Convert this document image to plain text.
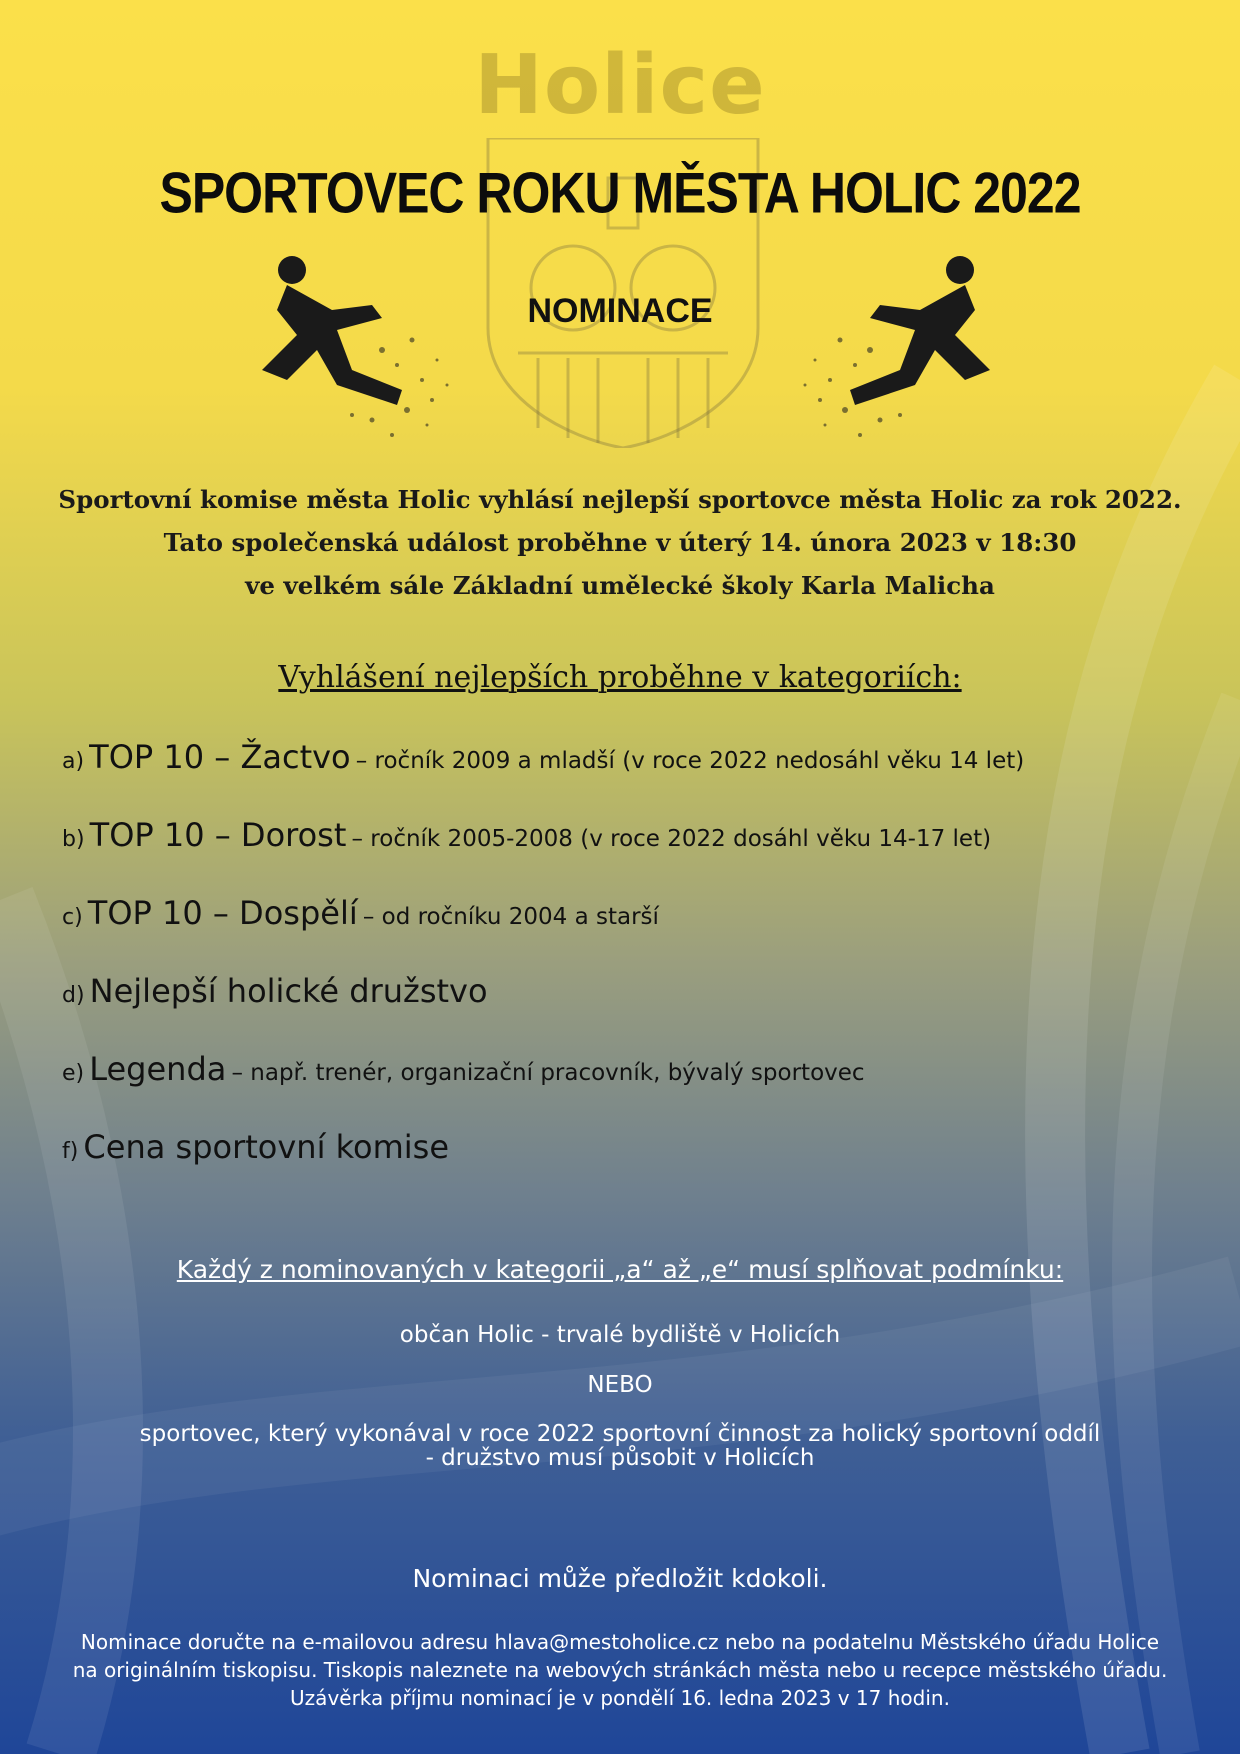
Holice
SPORTOVEC ROKU MĚSTA HOLIC 2022
NOMINACE
Sportovní komise města Holic vyhlásí nejlepší sportovce města Holic za rok 2022.
Tato společenská událost proběhne v úterý 14. února 2023 v 18:30
ve velkém sále Základní umělecké školy Karla Malicha
Vyhlášení nejlepších proběhne v kategoriích:
a) TOP 10 – Žactvo – ročník 2009 a mladší (v roce 2022 nedosáhl věku 14 let)
b) TOP 10 – Dorost – ročník 2005-2008 (v roce 2022 dosáhl věku 14-17 let)
c) TOP 10 – Dospělí – od ročníku 2004 a starší
d) Nejlepší holické družstvo
e) Legenda – např. trenér, organizační pracovník, bývalý sportovec
f) Cena sportovní komise
Každý z nominovaných v kategorii „a“ až „e“ musí splňovat podmínku:
občan Holic - trvalé bydliště v Holicích
NEBO
sportovec, který vykonával v roce 2022 sportovní činnost za holický sportovní oddíl
- družstvo musí působit v Holicích
Nominaci může předložit kdokoli.
Nominace doručte na e-mailovou adresu hlava@mestoholice.cz nebo na podatelnu Městského úřadu Holice
na originálním tiskopisu. Tiskopis naleznete na webových stránkách města nebo u recepce městského úřadu.
Uzávěrka příjmu nominací je v pondělí 16. ledna 2023 v 17 hodin.
